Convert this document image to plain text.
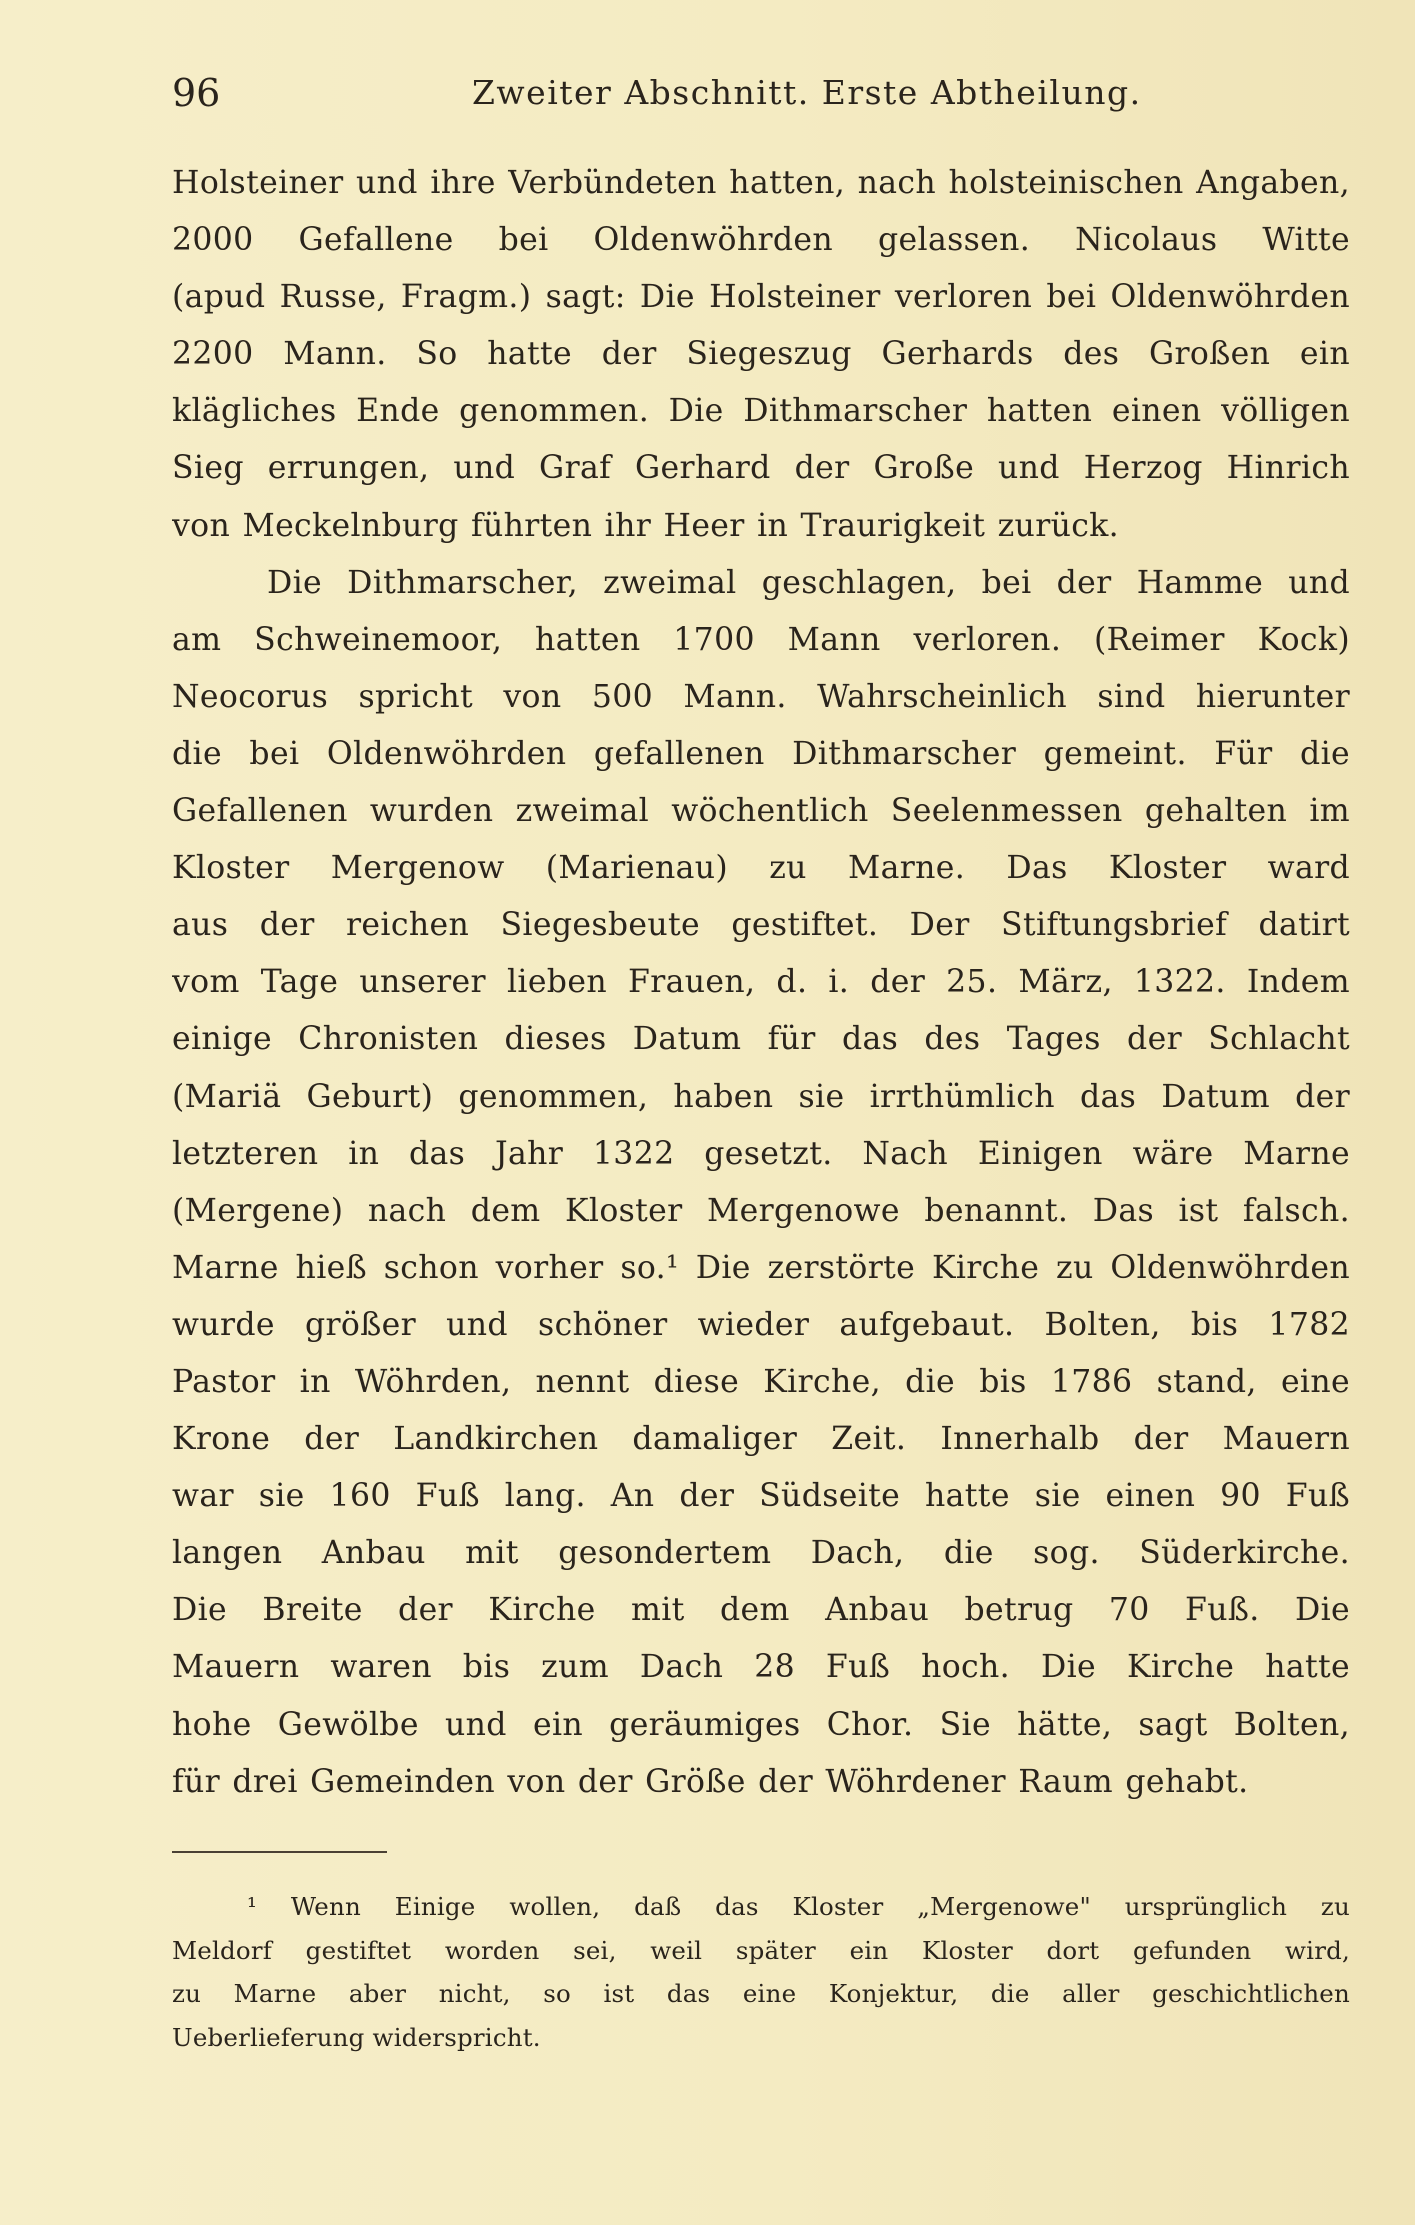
96	Zweiter Abschnitt. Erste Abtheilung.
Holsteiner und ihre Verbündeten hatten, nach holsteinischen Angaben,
2000 Gefallene bei Oldenwöhrden gelassen. Nicolaus Witte
(apud Russe, Fragm.) sagt: Die Holsteiner verloren bei Oldenwöhrden
2200 Mann. So hatte der Siegeszug Gerhards des Großen ein
klägliches Ende genommen. Die Dithmarscher hatten einen völligen
Sieg errungen, und Graf Gerhard der Große und Herzog Hinrich
von Meckelnburg führten ihr Heer in Traurigkeit zurück.
Die Dithmarscher, zweimal geschlagen, bei der Hamme und
am Schweinemoor, hatten 1700 Mann verloren. (Reimer Kock)
Neocorus spricht von 500 Mann. Wahrscheinlich sind hierunter
die bei Oldenwöhrden gefallenen Dithmarscher gemeint. Für die
Gefallenen wurden zweimal wöchentlich Seelenmessen gehalten im
Kloster Mergenow (Marienau) zu Marne. Das Kloster ward
aus der reichen Siegesbeute gestiftet. Der Stiftungsbrief datirt
vom Tage unserer lieben Frauen, d. i. der 25. März, 1322. Indem
einige Chronisten dieses Datum für das des Tages der Schlacht
(Mariä Geburt) genommen, haben sie irrthümlich das Datum der
letzteren in das Jahr 1322 gesetzt. Nach Einigen wäre Marne
(Mergene) nach dem Kloster Mergenowe benannt. Das ist falsch.
Marne hieß schon vorher so.¹ Die zerstörte Kirche zu Oldenwöhrden
wurde größer und schöner wieder aufgebaut. Bolten, bis 1782
Pastor in Wöhrden, nennt diese Kirche, die bis 1786 stand, eine
Krone der Landkirchen damaliger Zeit. Innerhalb der Mauern
war sie 160 Fuß lang. An der Südseite hatte sie einen 90 Fuß
langen Anbau mit gesondertem Dach, die sog. Süderkirche.
Die Breite der Kirche mit dem Anbau betrug 70 Fuß. Die
Mauern waren bis zum Dach 28 Fuß hoch. Die Kirche hatte
hohe Gewölbe und ein geräumiges Chor. Sie hätte, sagt Bolten,
für drei Gemeinden von der Größe der Wöhrdener Raum gehabt.
¹ Wenn Einige wollen, daß das Kloster „Mergenowe" ursprünglich zu
Meldorf gestiftet worden sei, weil später ein Kloster dort gefunden wird,
zu Marne aber nicht, so ist das eine Konjektur, die aller geschichtlichen
Ueberlieferung widerspricht.
